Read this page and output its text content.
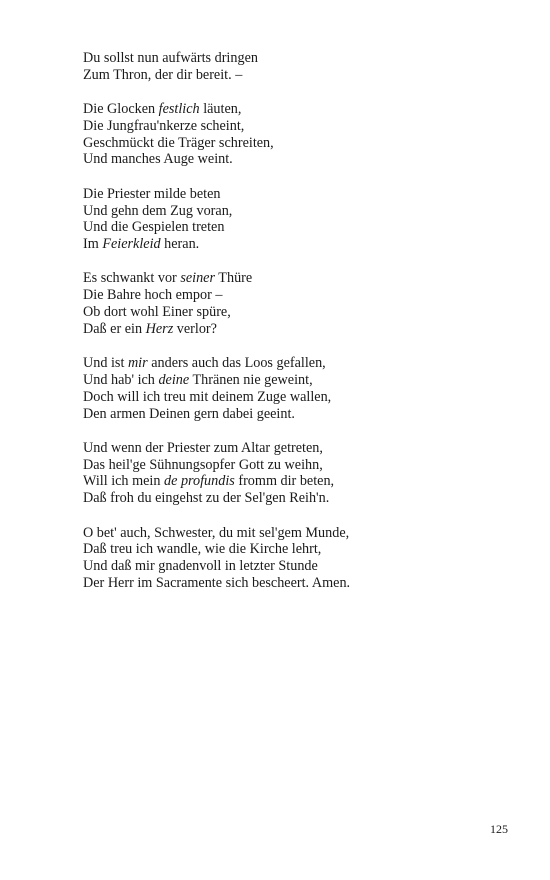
Du sollst nun aufwärts dringen
Zum Thron, der dir bereit. –
Die Glocken festlich läuten,
Die Jungfrau'nkerze scheint,
Geschmückt die Träger schreiten,
Und manches Auge weint.
Die Priester milde beten
Und gehn dem Zug voran,
Und die Gespielen treten
Im Feierkleid heran.
Es schwankt vor seiner Thüre
Die Bahre hoch empor –
Ob dort wohl Einer spüre,
Daß er ein Herz verlor?
Und ist mir anders auch das Loos gefallen,
Und hab' ich deine Thränen nie geweint,
Doch will ich treu mit deinem Zuge wallen,
Den armen Deinen gern dabei geeint.
Und wenn der Priester zum Altar getreten,
Das heil'ge Sühnungsopfer Gott zu weihn,
Will ich mein de profundis fromm dir beten,
Daß froh du eingehst zu der Sel'gen Reih'n.
O bet' auch, Schwester, du mit sel'gem Munde,
Daß treu ich wandle, wie die Kirche lehrt,
Und daß mir gnadenvoll in letzter Stunde
Der Herr im Sacramente sich bescheert. Amen.
125
